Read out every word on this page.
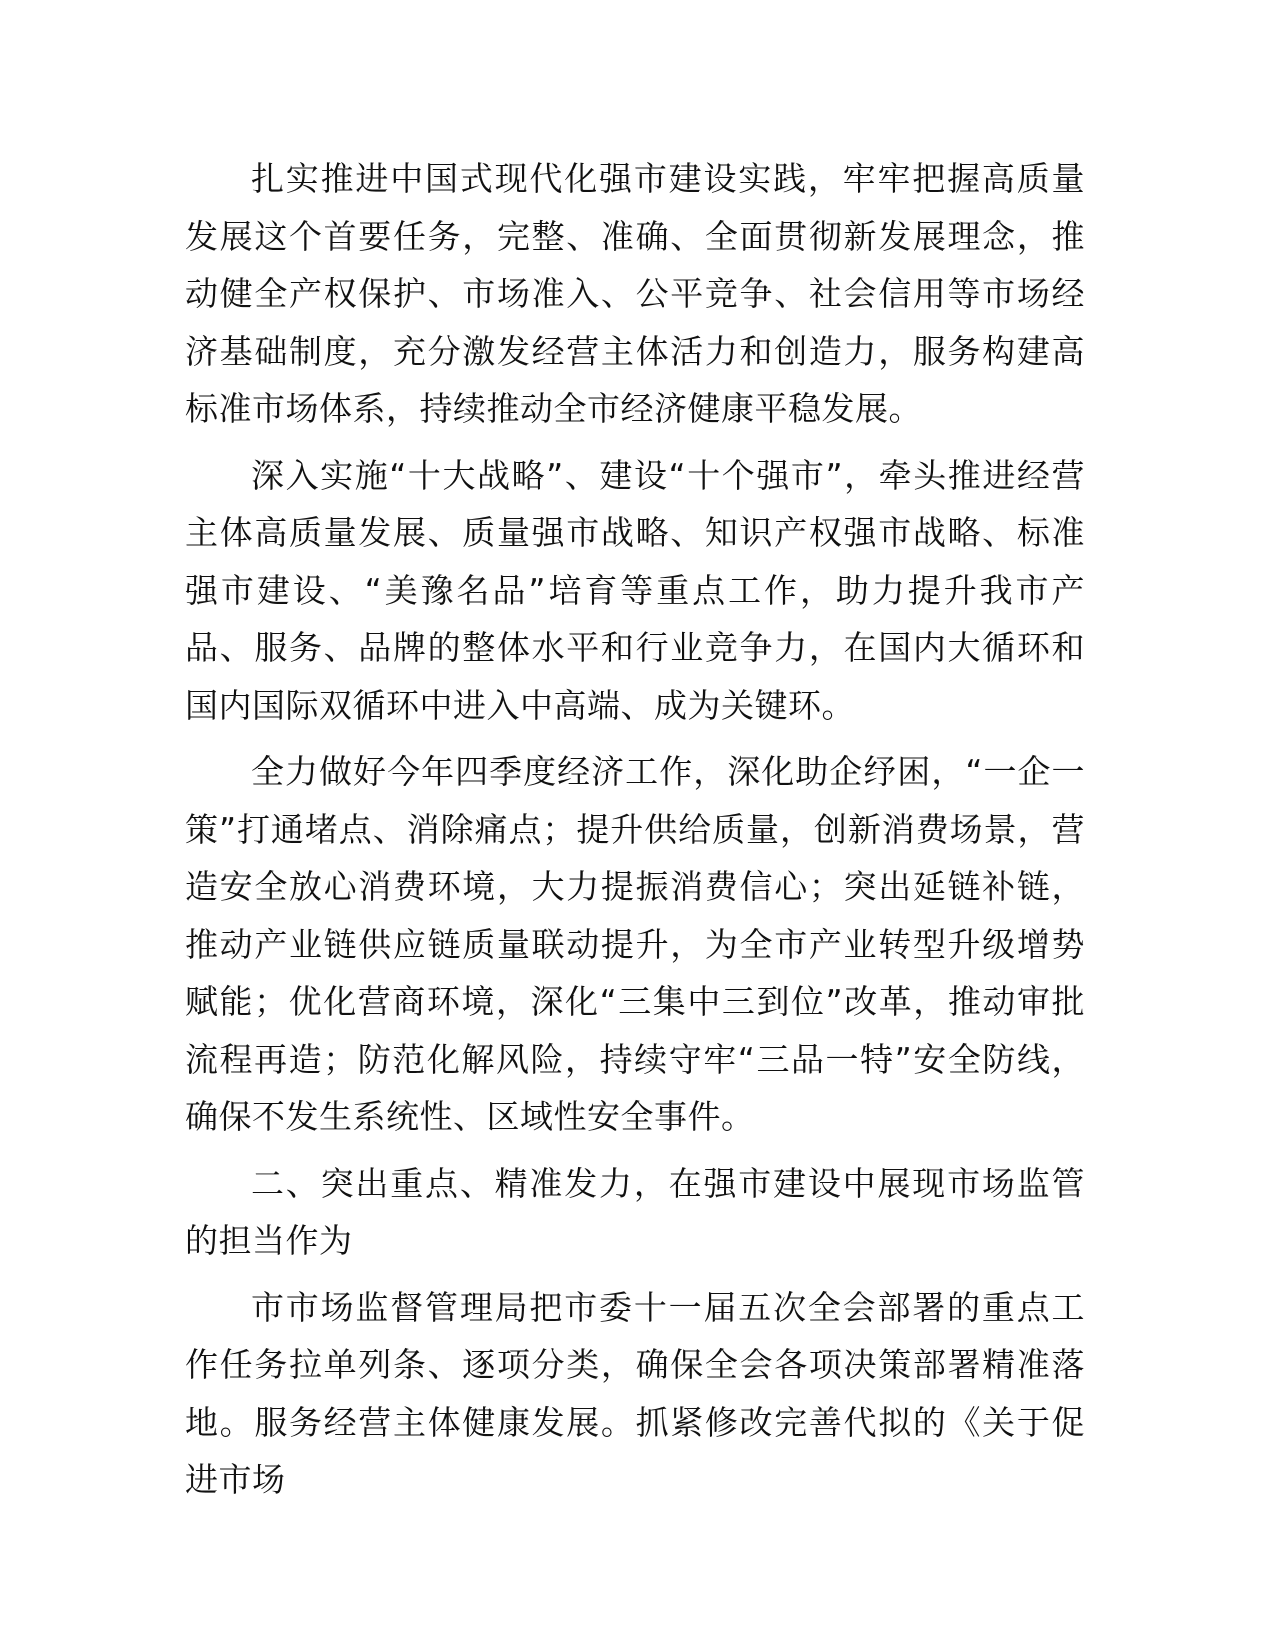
扎实推进中国式现代化强市建设实践，牢牢把握高质量发展这个首要任务，完整、准确、全面贯彻新发展理念，推动健全产权保护、市场准入、公平竞争、社会信用等市场经济基础制度，充分激发经营主体活力和创造力，服务构建高标准市场体系，持续推动全市经济健康平稳发展。

深入实施“十大战略”、建设“十个强市”，牵头推进经营主体高质量发展、质量强市战略、知识产权强市战略、标准强市建设、“美豫名品”培育等重点工作，助力提升我市产品、服务、品牌的整体水平和行业竞争力，在国内大循环和国内国际双循环中进入中高端、成为关键环。

全力做好今年四季度经济工作，深化助企纾困，“一企一策”打通堵点、消除痛点；提升供给质量，创新消费场景，营造安全放心消费环境，大力提振消费信心；突出延链补链，推动产业链供应链质量联动提升，为全市产业转型升级增势赋能；优化营商环境，深化“三集中三到位”改革，推动审批流程再造；防范化解风险，持续守牢“三品一特”安全防线，确保不发生系统性、区域性安全事件。

二、突出重点、精准发力，在强市建设中展现市场监管的担当作为

市市场监督管理局把市委十一届五次全会部署的重点工作任务拉单列条、逐项分类，确保全会各项决策部署精准落地。服务经营主体健康发展。抓紧修改完善代拟的《关于促进市场
